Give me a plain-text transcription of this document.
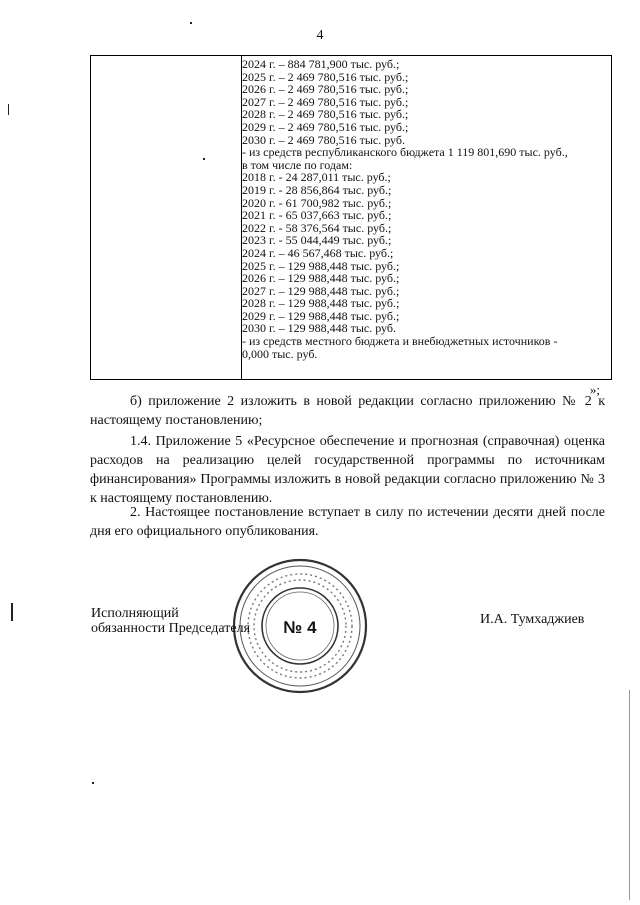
4
2024 г. – 884 781,900 тыс. руб.;
2025 г. – 2 469 780,516 тыс. руб.;
2026 г. – 2 469 780,516 тыс. руб.;
2027 г. – 2 469 780,516 тыс. руб.;
2028 г. – 2 469 780,516 тыс. руб.;
2029 г. – 2 469 780,516 тыс. руб.;
2030 г. – 2 469 780,516 тыс. руб.
- из средств республиканского бюджета 1 119 801,690 тыс. руб.,
в том числе по годам:
2018 г. - 24 287,011 тыс. руб.;
2019 г. - 28 856,864 тыс. руб.;
2020 г. - 61 700,982 тыс. руб.;
2021 г. - 65 037,663 тыс. руб.;
2022 г. - 58 376,564 тыс. руб.;
2023 г. - 55 044,449 тыс. руб.;
2024 г. – 46 567,468 тыс. руб.;
2025 г. – 129 988,448 тыс. руб.;
2026 г. – 129 988,448 тыс. руб.;
2027 г. – 129 988,448 тыс. руб.;
2028 г. – 129 988,448 тыс. руб.;
2029 г. – 129 988,448 тыс. руб.;
2030 г. – 129 988,448 тыс. руб.
- из средств местного бюджета и внебюджетных источников -
0,000 тыс. руб.
»;
б) приложение 2 изложить в новой редакции согласно приложению № 2 к настоящему постановлению;
1.4. Приложение 5 «Ресурсное обеспечение и прогнозная (справочная) оценка расходов на реализацию целей государственной программы по источникам финансирования» Программы изложить в новой редакции согласно приложению № 3 к настоящему постановлению.
2. Настоящее постановление вступает в силу по истечении десяти дней после дня его официального опубликования.
№ 4
Исполняющий
обязанности Председателя
И.А. Тумхаджиев
